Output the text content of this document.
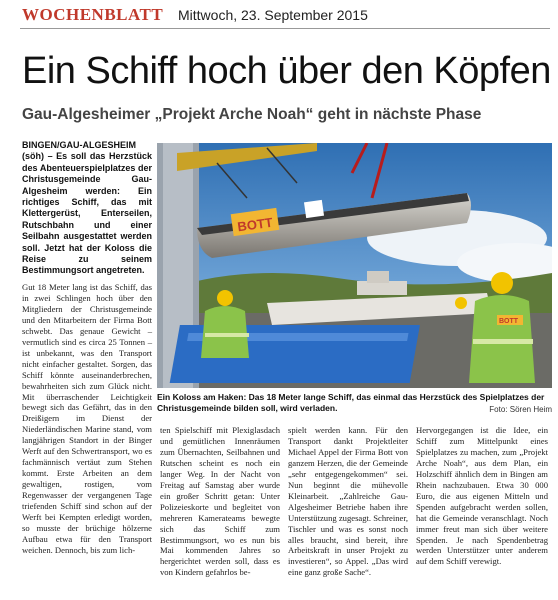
WOCHENBLATT Mittwoch, 23. September 2015
Ein Schiff hoch über den Köpfen
Gau-Algesheimer „Projekt Arche Noah“ geht in nächste Phase
BINGEN/GAU-ALGESHEIM
(söh) – Es soll das Herzstück des Abenteuerspielplatzes der Christusgemeinde Gau-Algesheim werden: Ein richtiges Schiff, das mit Klettergerüst, Enterseilen, Rutschbahn und einer Seilbahn ausgestattet werden soll. Jetzt hat der Koloss die Reise zu seinem Bestimmungsort angetreten.
BOTT
BOTT
Ein Koloss am Haken: Das 18 Meter lange Schiff, das einmal das Herzstück des Spielplatzes der Christusgemeinde bilden soll, wird verladen.	Foto: Sören Heim
Gut 18 Meter lang ist das Schiff, das in zwei Schlingen hoch über den Mitgliedern der Christusgemeinde und den Mitarbeitern der Firma Bott schwebt. Das genaue Gewicht – vermutlich sind es circa 25 Tonnen – ist unbekannt, was den Transport nicht einfacher gestaltet. Sorgen, das Schiff könnte auseinanderbrechen, bewahrheiten sich zum Glück nicht. Mit überraschender Leichtigkeit bewegt sich das Gefährt, das in den Dreißigern im Dienst der Niederländischen Marine stand, vom langjährigen Standort in der Binger Werft auf den Schwertransport, wo es fachmännisch vertäut zum Stehen kommt. Erste Arbeiten an dem gewaltigen, rostigen, vom Regenwasser der vergangenen Tage triefenden Schiff sind schon auf der Werft bei Kempten erledigt worden, so musste der brüchige hölzerne Aufbau etwa für den Transport weichen. Dennoch, bis zum lich-
ten Spielschiff mit Plexiglasdach und gemütlichen Innenräumen zum Übernachten, Seilbahnen und Rutschen scheint es noch ein langer Weg. In der Nacht von Freitag auf Samstag aber wurde ein großer Schritt getan: Unter Polizeieskorte und begleitet von mehreren Kamerateams bewegte sich das Schiff zum Bestimmungsort, wo es nun bis Mai kommenden Jahres so hergerichtet werden soll, dass es von Kindern gefahrlos be-
spielt werden kann. Für den Transport dankt Projektleiter Michael Appel der Firma Bott von ganzem Herzen, die der Gemeinde „sehr entgegengekommen“ sei. Nun beginnt die mühevolle Kleinarbeit. „Zahlreiche Gau-Algesheimer Betriebe haben ihre Unterstützung zugesagt. Schreiner, Tischler und was es sonst noch alles braucht, sind bereit, ihre Arbeitskraft in unser Projekt zu investieren“, so Appel. „Das wird eine ganz große Sache“.
Hervorgegangen ist die Idee, ein Schiff zum Mittelpunkt eines Spielplatzes zu machen, zum „Projekt Arche Noah“, aus dem Plan, ein Holzschiff ähnlich dem in Bingen am Rhein nachzubauen. Etwa 30 000 Euro, die aus eigenen Mitteln und Spenden aufgebracht werden sollen, hat die Gemeinde veranschlagt. Noch immer freut man sich über weitere Spenden. Je nach Spendenbetrag werden Unterstützer unter anderem auf dem Schiff verewigt.
